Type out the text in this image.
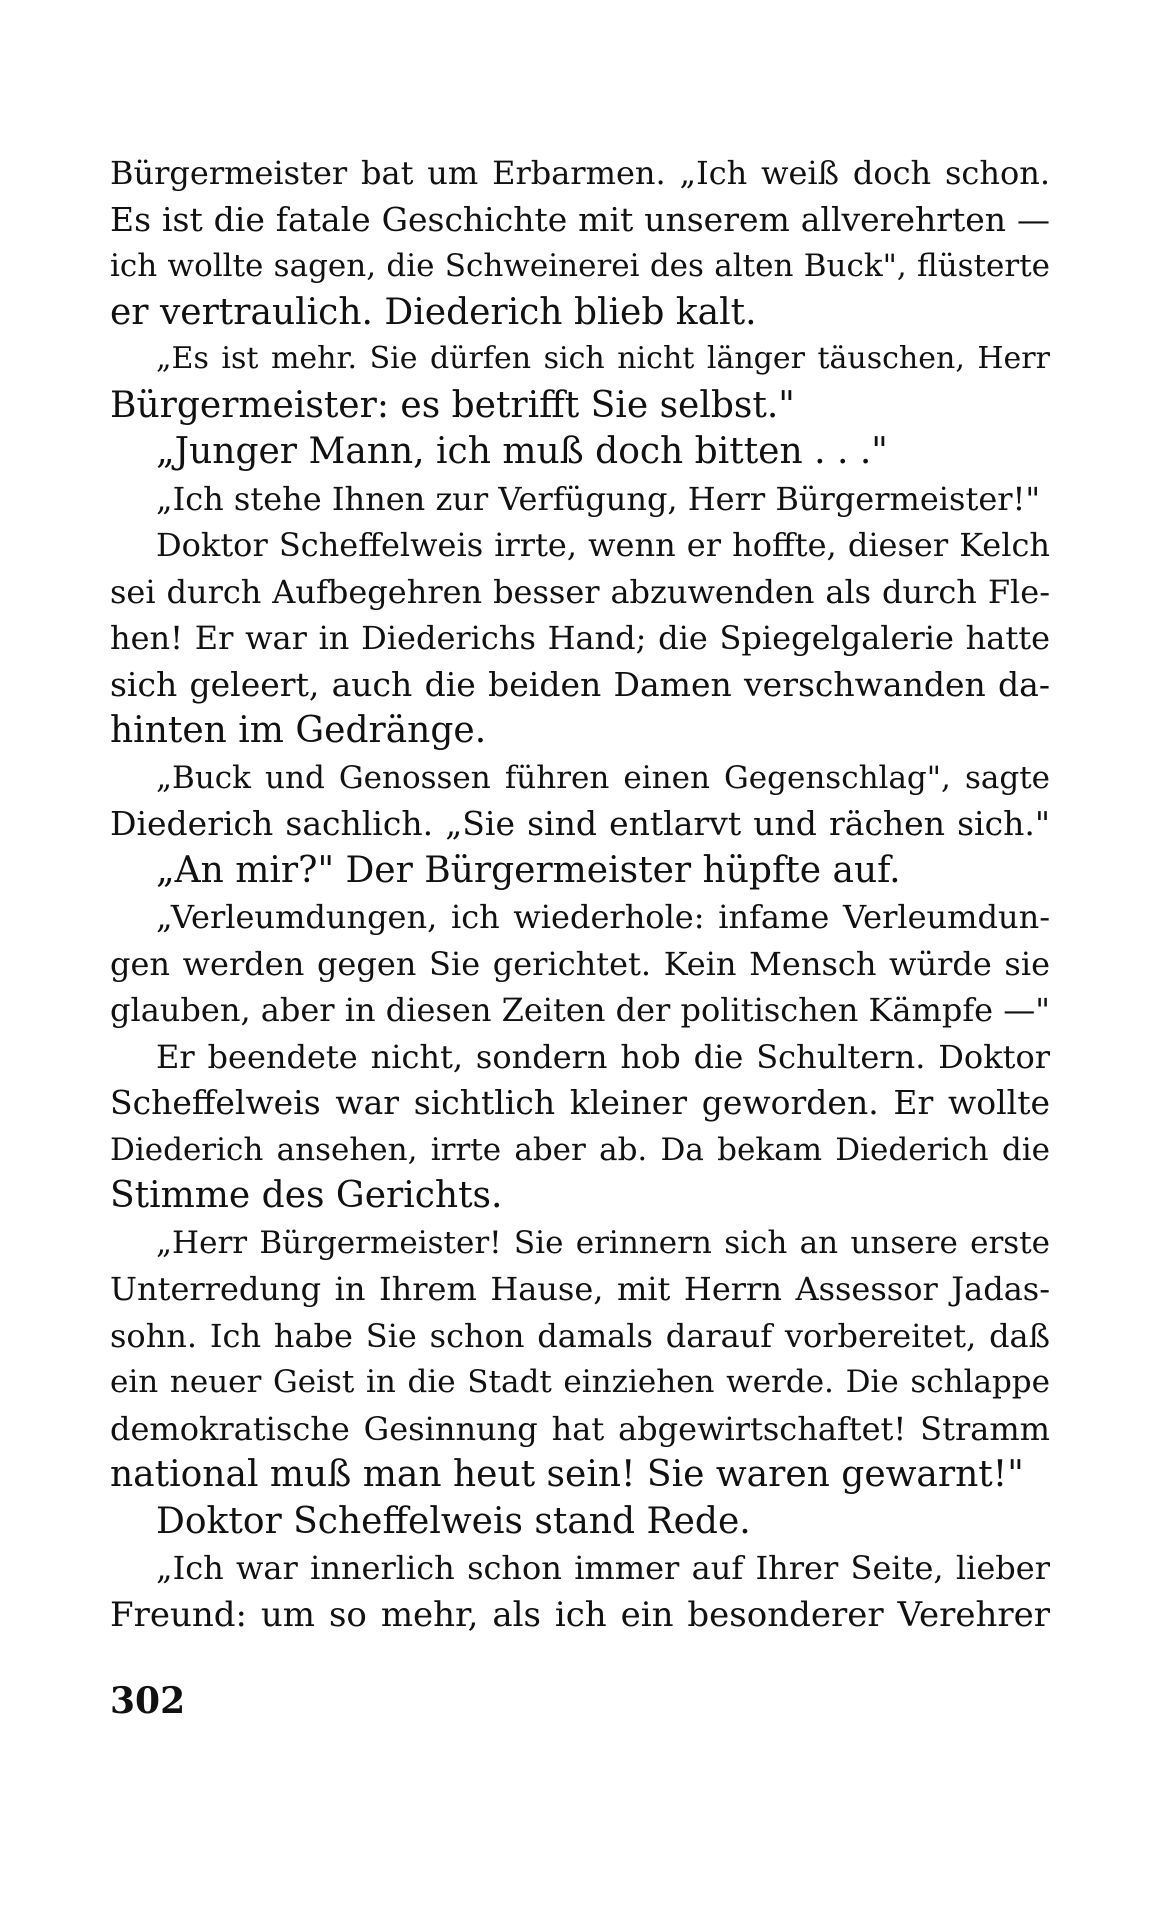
Bürgermeister bat um Erbarmen. „Ich weiß doch schon.
Es ist die fatale Geschichte mit unserem allverehrten —
ich wollte sagen, die Schweinerei des alten Buck", flüsterte
er vertraulich. Diederich blieb kalt.
„Es ist mehr. Sie dürfen sich nicht länger täuschen, Herr
Bürgermeister: es betrifft Sie selbst."
„Junger Mann, ich muß doch bitten . . ."
„Ich stehe Ihnen zur Verfügung, Herr Bürgermeister!"
Doktor Scheffelweis irrte, wenn er hoffte, dieser Kelch
sei durch Aufbegehren besser abzuwenden als durch Fle-
hen! Er war in Diederichs Hand; die Spiegelgalerie hatte
sich geleert, auch die beiden Damen verschwanden da-
hinten im Gedränge.
„Buck und Genossen führen einen Gegenschlag", sagte
Diederich sachlich. „Sie sind entlarvt und rächen sich."
„An mir?" Der Bürgermeister hüpfte auf.
„Verleumdungen, ich wiederhole: infame Verleumdun-
gen werden gegen Sie gerichtet. Kein Mensch würde sie
glauben, aber in diesen Zeiten der politischen Kämpfe —"
Er beendete nicht, sondern hob die Schultern. Doktor
Scheffelweis war sichtlich kleiner geworden. Er wollte
Diederich ansehen, irrte aber ab. Da bekam Diederich die
Stimme des Gerichts.
„Herr Bürgermeister! Sie erinnern sich an unsere erste
Unterredung in Ihrem Hause, mit Herrn Assessor Jadas-
sohn. Ich habe Sie schon damals darauf vorbereitet, daß
ein neuer Geist in die Stadt einziehen werde. Die schlappe
demokratische Gesinnung hat abgewirtschaftet! Stramm
national muß man heut sein! Sie waren gewarnt!"
Doktor Scheffelweis stand Rede.
„Ich war innerlich schon immer auf Ihrer Seite, lieber
Freund: um so mehr, als ich ein besonderer Verehrer
302
